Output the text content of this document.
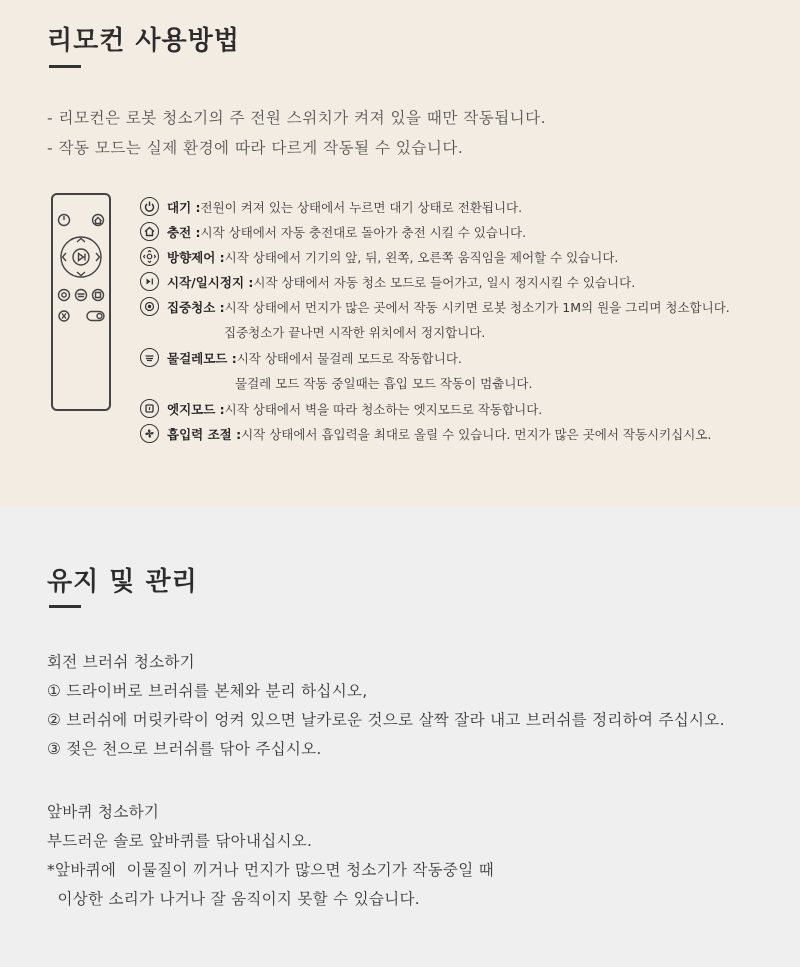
리모컨 사용방법
- 리모컨은 로봇 청소기의 주 전원 스위치가 켜져 있을 때만 작동됩니다.
- 작동 모드는 실제 환경에 따라 다르게 작동될 수 있습니다.
대기 : 전원이 켜져 있는 상태에서 누르면 대기 상태로 전환됩니다.
충전 : 시작 상태에서 자동 충전대로 돌아가 충전 시킬 수 있습니다.
방향제어 : 시작 상태에서 기기의 앞, 뒤, 왼쪽, 오른쪽 움직임을 제어할 수 있습니다.
시작/일시정지 : 시작 상태에서 자동 청소 모드로 들어가고, 일시 정지시킬 수 있습니다.
집중청소 : 시작 상태에서 먼지가 많은 곳에서 작동 시키면 로봇 청소기가 1M의 원을 그리며 청소합니다.
집중청소가 끝나면 시작한 위치에서 정지합니다.
물걸레모드 : 시작 상태에서 물걸레 모드로 작동합니다.
물걸레 모드 작동 중일때는 흡입 모드 작동이 멈춥니다.
엣지모드 : 시작 상태에서 벽을 따라 청소하는 엣지모드로 작동합니다.
흡입력 조절 : 시작 상태에서 흡입력을 최대로 올릴 수 있습니다. 먼지가 많은 곳에서 작동시키십시오.
유지 및 관리
회전 브러쉬 청소하기
① 드라이버로 브러쉬를 본체와 분리 하십시오,
② 브러쉬에 머릿카락이 엉켜 있으면 날카로운 것으로 살짝 잘라 내고 브러쉬를 정리하여 주십시오.
③ 젖은 천으로 브러쉬를 닦아 주십시오.
앞바퀴 청소하기
부드러운 솔로 앞바퀴를 닦아내십시오.
*앞바퀴에  이물질이 끼거나 먼지가 많으면 청소기가 작동중일 때
이상한 소리가 나거나 잘 움직이지 못할 수 있습니다.
